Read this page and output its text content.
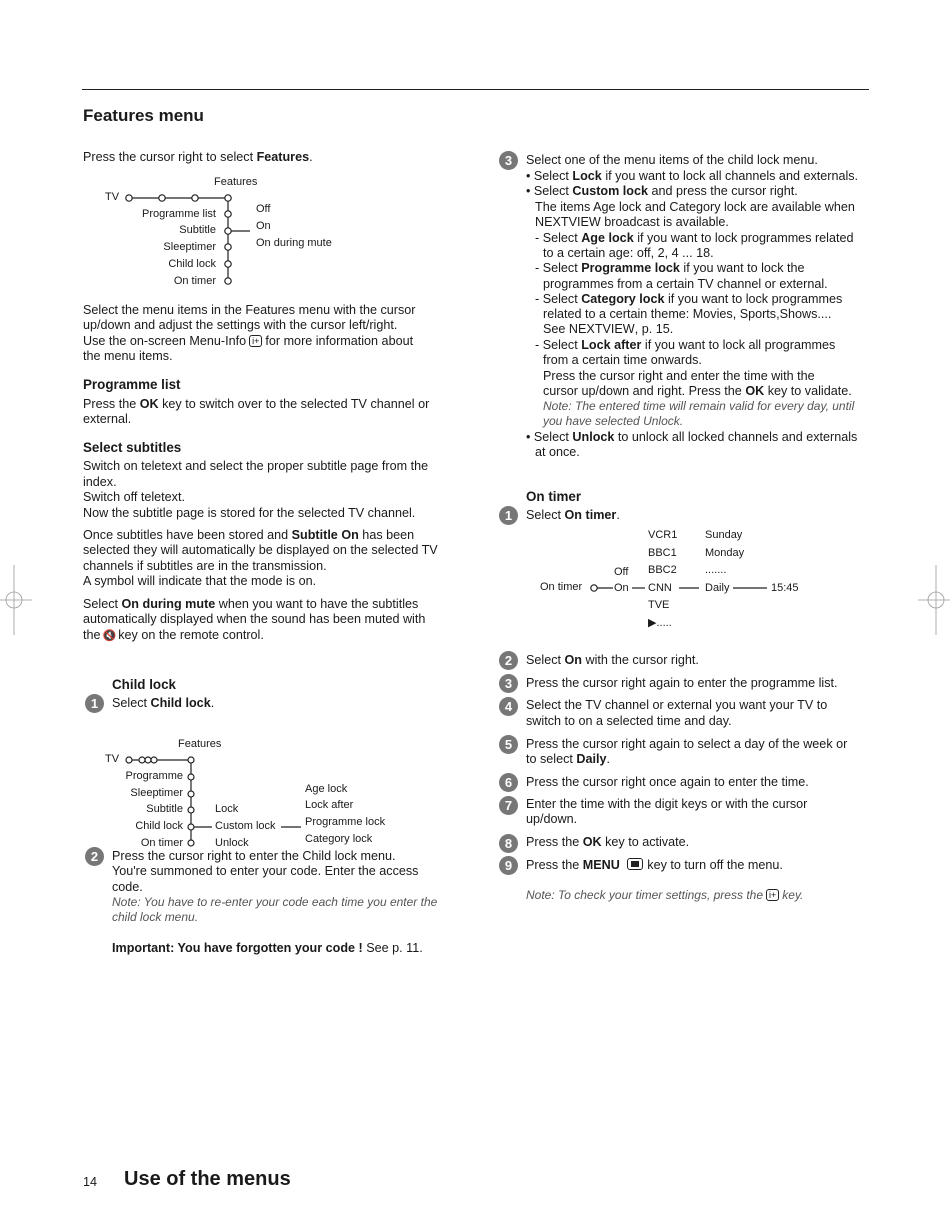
Features menu
Press the cursor right to select Features.
TV
Features
Programme list
Subtitle
Sleeptimer
Child lock
On timer
Off
On
On during mute
Select the menu items in the Features menu with the cursor
up/down and adjust the settings with the cursor left/right.
Use the on-screen Menu-Info i+ for more information about
the menu items.
Programme list
Press the OK key to switch over to the selected TV channel or
external.
Select subtitles
Switch on teletext and select the proper subtitle page from the
index.
Switch off teletext.
Now the subtitle page is stored for the selected TV channel.
Once subtitles have been stored and Subtitle On has been
selected they will automatically be displayed on the selected TV
channels if subtitles are in the transmission.
A symbol will indicate that the mode is on.
Select On during mute when you want to have the subtitles
automatically displayed when the sound has been muted with
the 🔇 key on the remote control.
Child lock
1	Select Child lock.
TV
Features
Programme
Sleeptimer
Subtitle
Child lock
On timer
Lock
Custom lock
Unlock
Age lock
Lock after
Programme lock
Category lock
2	Press the cursor right to enter the Child lock menu.
You're summoned to enter your code. Enter the access
code.
Note: You have to re-enter your code each time you enter the
child lock menu.
Important: You have forgotten your code ! See p. 11.
3	Select one of the menu items of the child lock menu.
• Select Lock if you want to lock all channels and externals.
• Select Custom lock and press the cursor right.
The items Age lock and Category lock are available when
NEXTVIEW broadcast is available.
- Select Age lock if you want to lock programmes related
to a certain age: off, 2, 4 ... 18.
- Select Programme lock if you want to lock the
programmes from a certain TV channel or external.
- Select Category lock if you want to lock programmes
related to a certain theme: Movies, Sports,Shows....
See NEXTVIEW, p. 15.
- Select Lock after if you want to lock all programmes
from a certain time onwards.
Press the cursor right and enter the time with the
cursor up/down and right. Press the OK key to validate.
Note: The entered time will remain valid for every day, until
you have selected Unlock.
• Select Unlock to unlock all locked channels and externals
at once.
On timer
1	Select On timer.
On timer
Off
On
VCR1
BBC1
BBC2
CNN
TVE
▶.....
Sunday
Monday
.......
Daily	15:45
2	Select On with the cursor right.
3	Press the cursor right again to enter the programme list.
4	Select the TV channel or external you want your TV to
switch to on a selected time and day.
5	Press the cursor right again to select a day of the week or
to select Daily.
6	Press the cursor right once again to enter the time.
7	Enter the time with the digit keys or with the cursor
up/down.
8	Press the OK key to activate.
9	Press the MENU key to turn off the menu.
Note: To check your timer settings, press the i+ key.
14 Use of the menus
